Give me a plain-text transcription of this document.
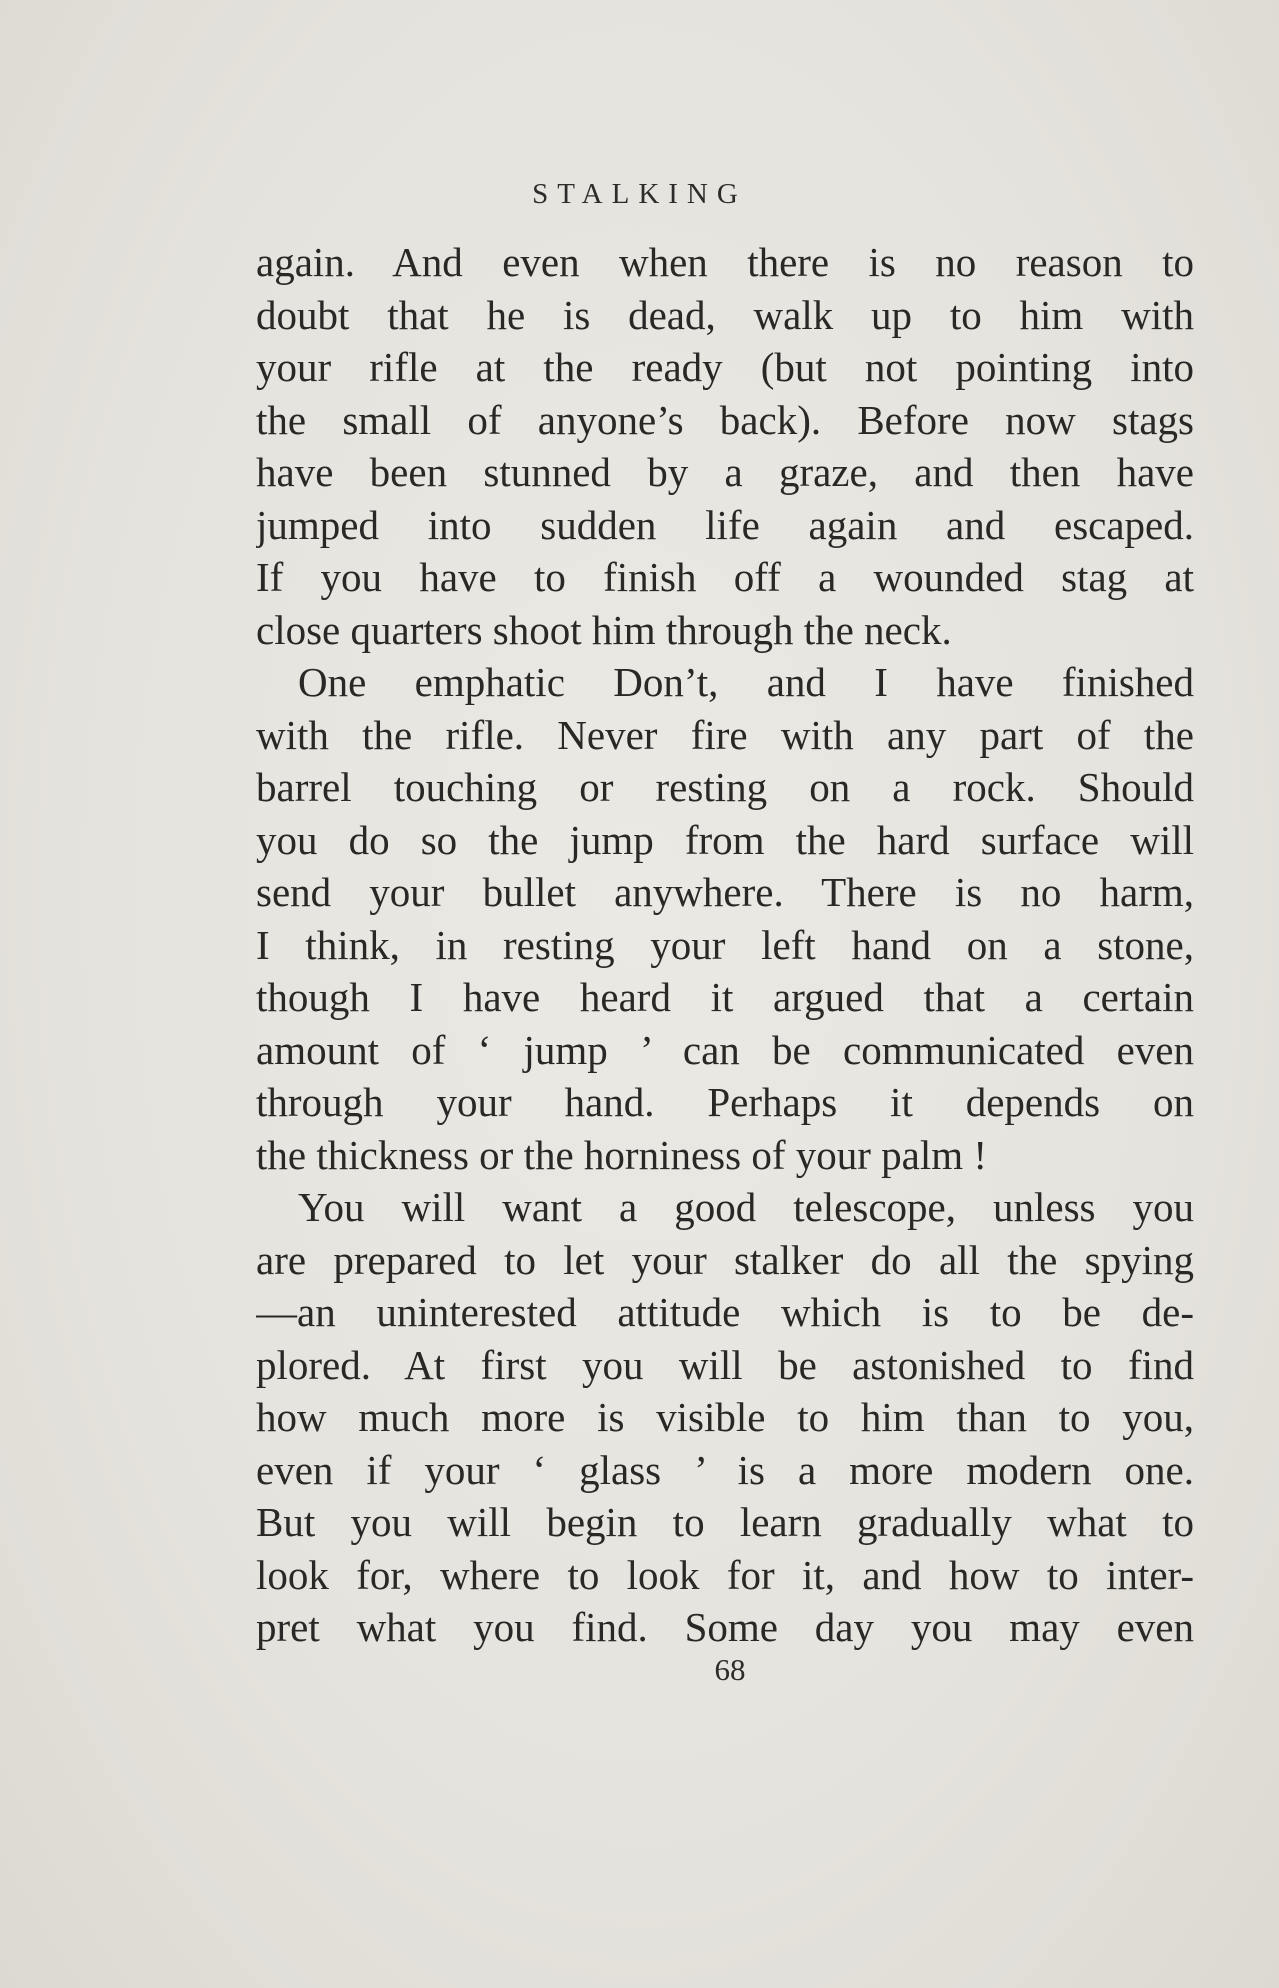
STALKING
again. And even when there is no reason to
doubt that he is dead, walk up to him with
your rifle at the ready (but not pointing into
the small of anyone’s back). Before now stags
have been stunned by a graze, and then have
jumped into sudden life again and escaped.
If you have to finish off a wounded stag at
close quarters shoot him through the neck.
One emphatic Don’t, and I have finished
with the rifle. Never fire with any part of the
barrel touching or resting on a rock. Should
you do so the jump from the hard surface will
send your bullet anywhere. There is no harm,
I think, in resting your left hand on a stone,
though I have heard it argued that a certain
amount of ‘ jump ’ can be communicated even
through your hand. Perhaps it depends on
the thickness or the horniness of your palm !
You will want a good telescope, unless you
are prepared to let your stalker do all the spying
—an uninterested attitude which is to be de-
plored. At first you will be astonished to find
how much more is visible to him than to you,
even if your ‘ glass ’ is a more modern one.
But you will begin to learn gradually what to
look for, where to look for it, and how to inter-
pret what you find. Some day you may even
68
